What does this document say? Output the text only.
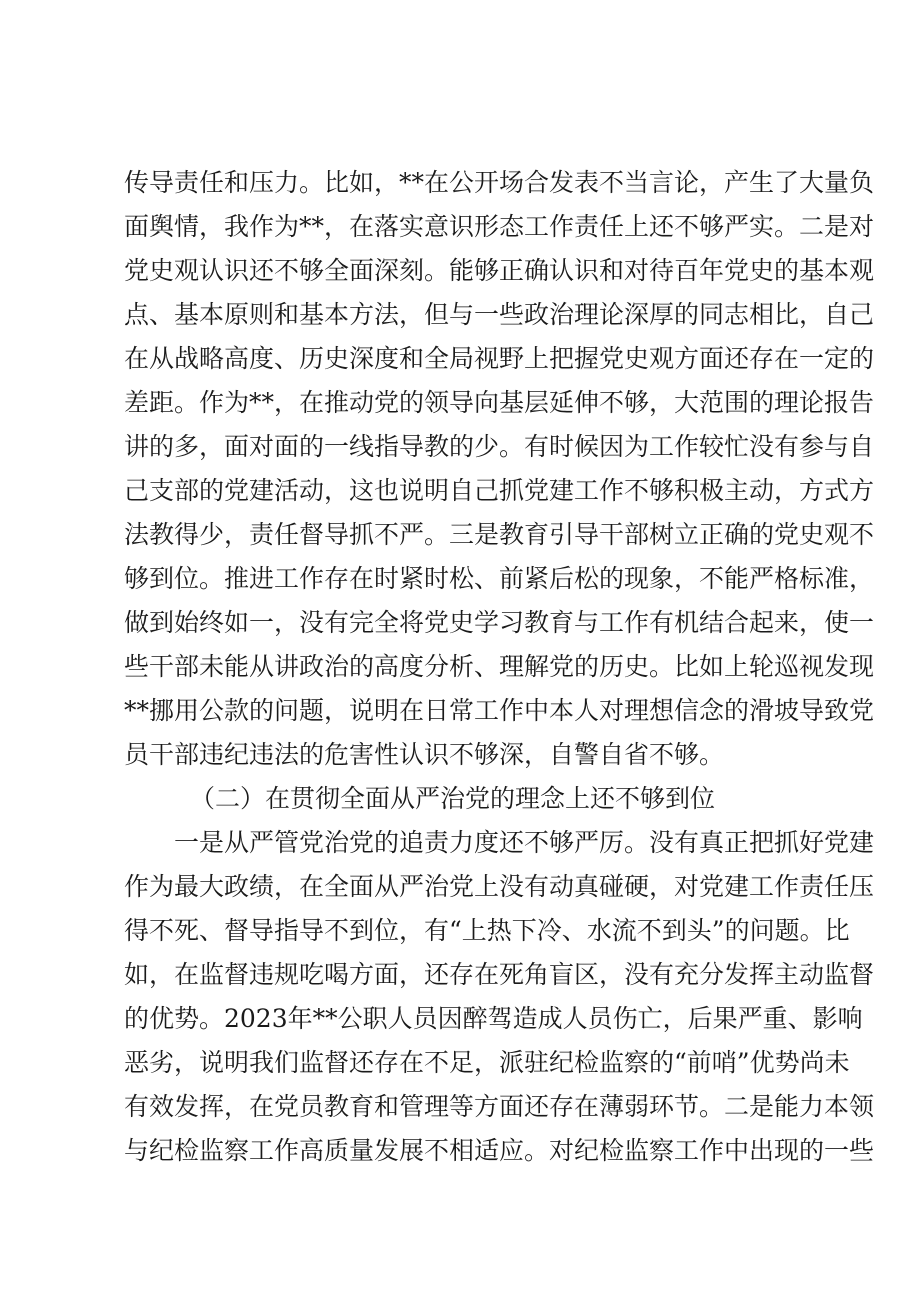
传导责任和压力。比如，**在公开场合发表不当言论，产生了大量负
面舆情，我作为**，在落实意识形态工作责任上还不够严实。二是对
党史观认识还不够全面深刻。能够正确认识和对待百年党史的基本观
点、基本原则和基本方法，但与一些政治理论深厚的同志相比，自己
在从战略高度、历史深度和全局视野上把握党史观方面还存在一定的
差距。作为**，在推动党的领导向基层延伸不够，大范围的理论报告
讲的多，面对面的一线指导教的少。有时候因为工作较忙没有参与自
己支部的党建活动，这也说明自己抓党建工作不够积极主动，方式方
法教得少，责任督导抓不严。三是教育引导干部树立正确的党史观不
够到位。推进工作存在时紧时松、前紧后松的现象，不能严格标准，
做到始终如一，没有完全将党史学习教育与工作有机结合起来，使一
些干部未能从讲政治的高度分析、理解党的历史。比如上轮巡视发现
**挪用公款的问题，说明在日常工作中本人对理想信念的滑坡导致党
员干部违纪违法的危害性认识不够深，自警自省不够。
（二）在贯彻全面从严治党的理念上还不够到位
一是从严管党治党的追责力度还不够严厉。没有真正把抓好党建
作为最大政绩，在全面从严治党上没有动真碰硬，对党建工作责任压
得不死、督导指导不到位，有“上热下冷、水流不到头”的问题。比
如，在监督违规吃喝方面，还存在死角盲区，没有充分发挥主动监督
的优势。2023年**公职人员因醉驾造成人员伤亡，后果严重、影响
恶劣，说明我们监督还存在不足，派驻纪检监察的“前哨”优势尚未
有效发挥，在党员教育和管理等方面还存在薄弱环节。二是能力本领
与纪检监察工作高质量发展不相适应。对纪检监察工作中出现的一些
